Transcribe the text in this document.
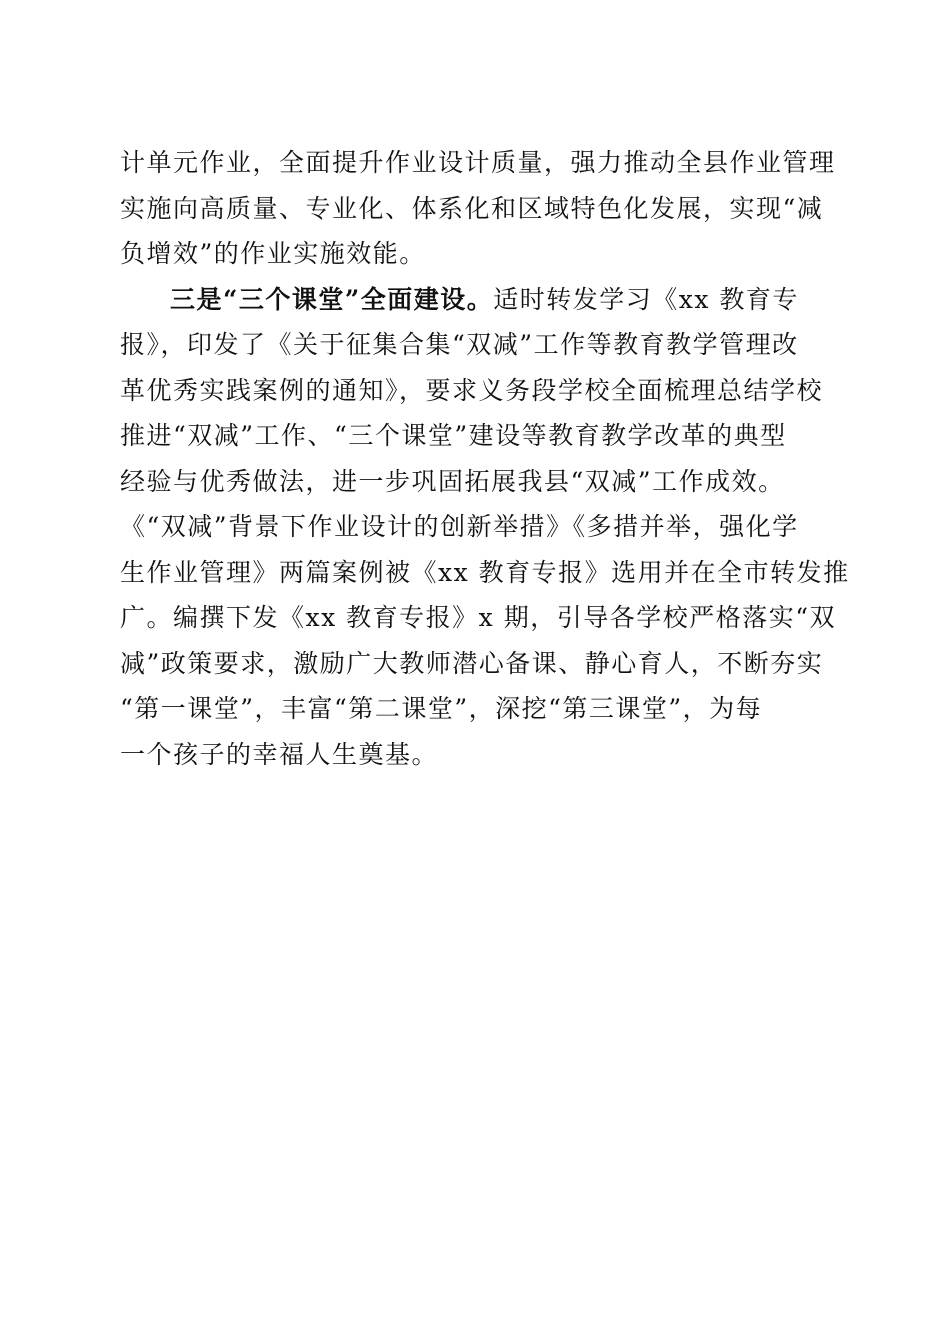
计单元作业，全面提升作业设计质量，强力推动全县作业管理
实施向高质量、专业化、体系化和区域特色化发展，实现“减
负增效”的作业实施效能。
三是“三个课堂”全面建设。适时转发学习《xx 教育专
报》，印发了《关于征集合集“双减”工作等教育教学管理改
革优秀实践案例的通知》，要求义务段学校全面梳理总结学校
推进“双减”工作、“三个课堂”建设等教育教学改革的典型
经验与优秀做法，进一步巩固拓展我县“双减”工作成效。
《“双减”背景下作业设计的创新举措》《多措并举，强化学
生作业管理》两篇案例被《xx 教育专报》选用并在全市转发推
广。编撰下发《xx 教育专报》x 期，引导各学校严格落实“双
减”政策要求，激励广大教师潜心备课、静心育人，不断夯实
“第一课堂”，丰富“第二课堂”，深挖“第三课堂”，为每
一个孩子的幸福人生奠基。
